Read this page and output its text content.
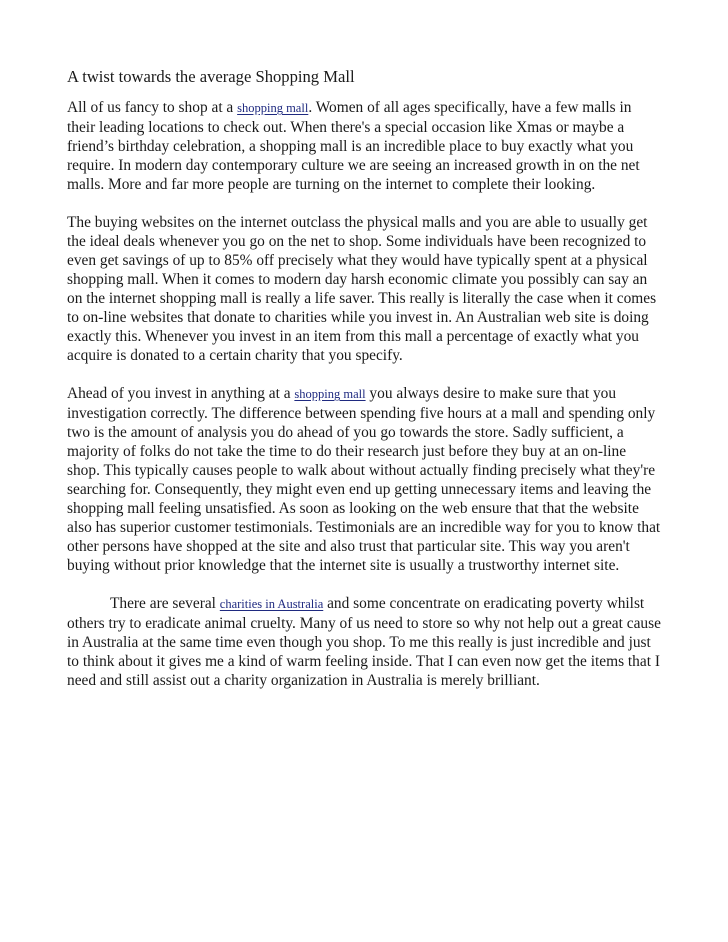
A twist towards the average Shopping Mall

All of us fancy to shop at a shopping mall. Women of all ages specifically, have a few malls in their leading locations to check out. When there's a special occasion like Xmas or maybe a friend’s birthday celebration, a shopping mall is an incredible place to buy exactly what you require. In modern day contemporary culture we are seeing an increased growth in on the net malls. More and far more people are turning on the internet to complete their looking.

The buying websites on the internet outclass the physical malls and you are able to usually get the ideal deals whenever you go on the net to shop. Some individuals have been recognized to even get savings of up to 85% off precisely what they would have typically spent at a physical shopping mall. When it comes to modern day harsh economic climate you possibly can say an on the internet shopping mall is really a life saver. This really is literally the case when it comes to on-line websites that donate to charities while you invest in. An Australian web site is doing exactly this. Whenever you invest in an item from this mall a percentage of exactly what you acquire is donated to a certain charity that you specify.

Ahead of you invest in anything at a shopping mall you always desire to make sure that you investigation correctly. The difference between spending five hours at a mall and spending only two is the amount of analysis you do ahead of you go towards the store. Sadly sufficient, a majority of folks do not take the time to do their research just before they buy at an on-line shop. This typically causes people to walk about without actually finding precisely what they're searching for. Consequently, they might even end up getting unnecessary items and leaving the shopping mall feeling unsatisfied. As soon as looking on the web ensure that that the website also has superior customer testimonials. Testimonials are an incredible way for you to know that other persons have shopped at the site and also trust that particular site. This way you aren't buying without prior knowledge that the internet site is usually a trustworthy internet site.

There are several charities in Australia and some concentrate on eradicating poverty whilst others try to eradicate animal cruelty. Many of us need to store so why not help out a great cause in Australia at the same time even though you shop. To me this really is just incredible and just to think about it gives me a kind of warm feeling inside. That I can even now get the items that I need and still assist out a charity organization in Australia is merely brilliant.
